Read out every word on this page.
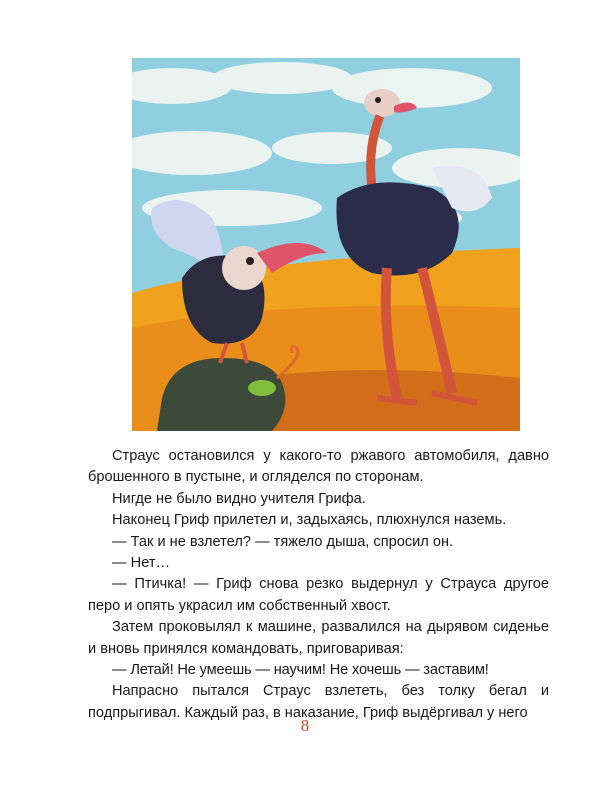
Страус остановился у какого-то ржавого автомобиля, давно брошенного в пустыне, и огляделся по сторонам.

Нигде не было видно учителя Грифа.

Наконец Гриф прилетел и, задыхаясь, плюхнулся наземь.

— Так и не взлетел? — тяжело дыша, спросил он.

— Нет…

— Птичка! — Гриф снова резко выдернул у Страуса другое перо и опять украсил им собственный хвост.

Затем проковылял к машине, развалился на дырявом сиденье и вновь принялся командовать, приговаривая:

— Летай! Не умеешь — научим! Не хочешь — заставим!

Напрасно пытался Страус взлететь, без толку бегал и подпрыгивал. Каждый раз, в наказание, Гриф выдёргивал у него

8
